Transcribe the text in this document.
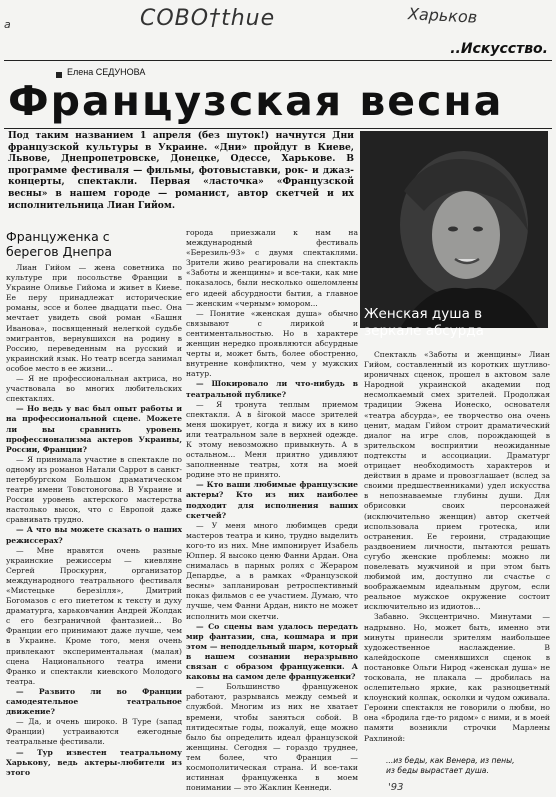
а	COBO†thue	Харьков
'93
..Искусство.
Елена СЕДУНОВА
Французская весна
Под таким названием 1 апреля (без шуток!) начнутся Дни французской культуры в Украине. «Дни» пройдут в Киеве, Львове, Днепропетровске, Донецке, Одессе, Харькове. В программе фестиваля — фильмы, фотовыставки, рок- и джаз-концерты, спектакли. Первая «ласточка» «Французской весны» в нашем городе — романист, автор скетчей и их исполнительница Лиан Гийом.
Женская душа в зеркале абсурда
Француженка с берегов Днепра

Лиан Гийом — жена советника по культуре при посольстве Франции в Украине Оливье Гийома и живет в Киеве. Ее перу принадлежат исторические романы, эссе и более двадцати пьес. Она мечтает увидеть свой роман «Башня Иванова», посвященный нелегкой судьбе эмигрантов, вернувшихся на родину в Россию, переведенным на русский и украинский язык. Но театр всегда занимал особое место в ее жизни...

— Я не профессиональная актриса, но участвовала во многих любительских спектаклях.

— Но ведь у вас был опыт работы и на профессиональной сцене. Можете ли вы сравнить уровень профессионализма актеров Украины, России, Франции?

— Я принимала участие в спектакле по одному из романов Натали Саррот в санкт-петербургском Большом драматическом театре имени Товстоногова. В Украине и России уровень актерского мастерства настолько высок, что с Европой даже сравнивать трудно.

— А что вы можете сказать о наших режиссерах?

— Мне нравятся очень разные украинские режиссеры — киевляне Сергей Проскурня, организатор международного театрального фестиваля «Мистецьке березілля», Дмитрий Богомазов с его пиететом к тексту и духу драматурга, харьковчанин Андрей Жолдак с его безграничной фантазией... Во Франции его принимают даже лучше, чем в Украине. Кроме того, меня очень привлекают экспериментальная (малая) сцена Национального театра имени Франко и спектакли киевского Молодого театра.

— Развито ли во Франции самодеятельное театральное движение?

— Да, и очень широко. В Туре (запад Франции) устраиваются ежегодные театральные фестивали.

— Тур известен театральному Харькову, ведь актеры-любители из этого

города приезжали к нам на международный фестиваль «Березиль-93» с двумя спектаклями. Зрители живо реагировали на спектакль «Заботы и женщины» и все-таки, как мне показалось, были несколько ошеломлены его идеей абсурдности бытия, а главное — женским «черным» юмором...

— Понятие «женская душа» обычно связывают с лирикой и сентиментальностью. Но в характере женщин нередко проявляются абсурдные черты и, может быть, более обостренно, внутренне конфликтно, чем у мужских натур.

— Шокировало ли что-нибудь в театральной публике?

— Я тронута теплым приемом спектакля. А в široкой массе зрителей меня шокирует, когда я вижу их в кино или театральном зале в верхней одежде. К этому невозможно привыкнуть. А в остальном... Меня приятно удивляют заполненные театры, хотя на моей родине это не принято.

— Кто ваши любимые французские актеры? Кто из них наиболее подходит для исполнения ваших скетчей?

— У меня много любимцев среди мастеров театра и кино, трудно выделить кого-то из них. Мне импонирует Изабель Юппер. Я высоко ценю Фанни Ардан. Она снималась в парных ролях с Жераром Депардье, а в рамках «Французской весны» запланирован ретроспективный показ фильмов с ее участием. Думаю, что лучше, чем Фанни Ардан, никто не может исполнить мои скетчи.

— Со сцены вам удалось передать мир фантазии, сна, кошмара и при этом — неподдельный шарм, который в нашем сознании неразрывно связан с образом француженки. А каковы на самом деле француженки?

— Большинство француженок работают, разрываясь между семьей и службой. Многим из них не хватает времени, чтобы заняться собой. В пятидесятые годы, пожалуй, еще можно было бы определить идеал французской женщины. Сегодня — гораздо труднее, тем более, что Франция — космополитическая страна. И все-таки истинная француженка в моем понимании — это Жаклин Кеннеди.

Спектакль «Заботы и женщины» Лиан Гийом, составленный из коротких шутливо-ироничных сценок, прошел в актовом зале Народной украинской академии под несмолкаемый смех зрителей. Продолжая традиции Эжена Ионеско, основателя «театра абсурда», ее творчество она очень ценит, мадам Гийом строит драматический диалог на игре слов, порождающей в зрительском восприятии неожиданные подтексты и ассоциации. Драматург отрицает необходимость характеров и действия в драме и провозглашает (вслед за своими предшественниками) удел искусства в непознаваемые глубины души. Для обрисовки своих персонажей (исключительно женщин) автор скетчей использовала прием гротеска, или остранения. Ее героини, страдающие раздвоением личности, пытаются решать сугубо женские проблемы: можно ли повелевать мужчиной и при этом быть любимой им, доступно ли счастье с воображаемым идеальным другом, если реальное мужское окружение состоит исключительно из идиотов...

Забавно. Эксцентрично. Минутами — надрывно. Но, может быть, именно эти минуты принесли зрителям наибольшее художественное наслаждение. В калейдоскопе сменявшихся сценок в постановке Ольги Нирод «женская душа» не тосковала, не плакала — дробилась на ослепительно яркие, как разноцветный клоунский колпак, осколки и чудом оживала. Героини спектакля не говорили о любви, но она «бродила где-то рядом» с ними, и в моей памяти возникли строчки Марлены Рахлиной:

...из беды, как Венера, из пены,
из беды вырастает душа.
